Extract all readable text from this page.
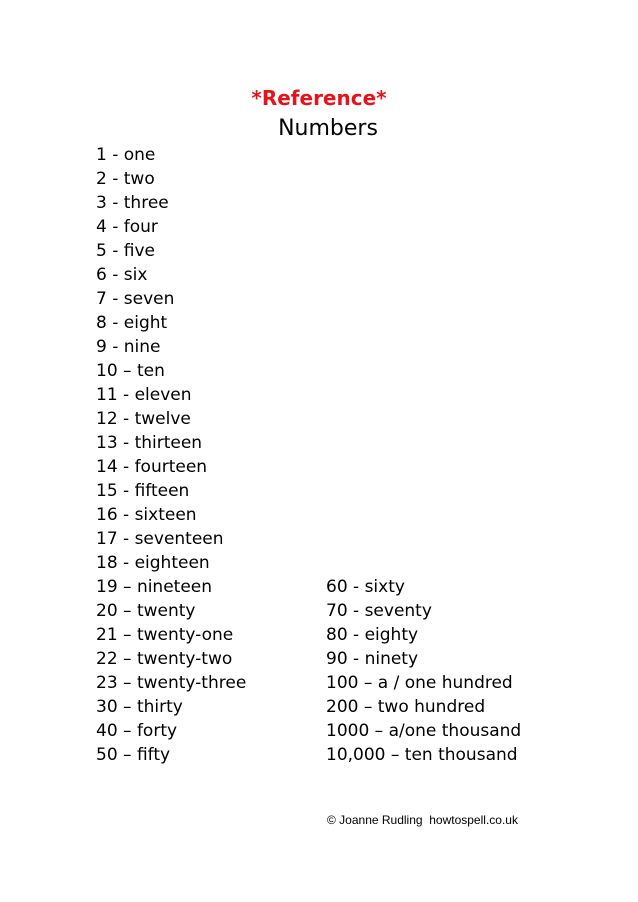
*Reference*
Numbers
1 - one
2 - two
3 - three
4 - four
5 - five
6 - six
7 - seven
8 - eight
9 - nine
10 – ten
11 - eleven
12 - twelve
13 - thirteen
14 - fourteen
15 - fifteen
16 - sixteen
17 - seventeen
18 - eighteen
19 – nineteen
20 – twenty
21 – twenty-one
22 – twenty-two
23 – twenty-three
30 – thirty
40 – forty
50 – fifty
60 - sixty
70 - seventy
80 - eighty
90 - ninety
100 – a / one hundred
200 – two hundred
1000 – a/one thousand
10,000 – ten thousand
© Joanne Rudling  howtospell.co.uk
